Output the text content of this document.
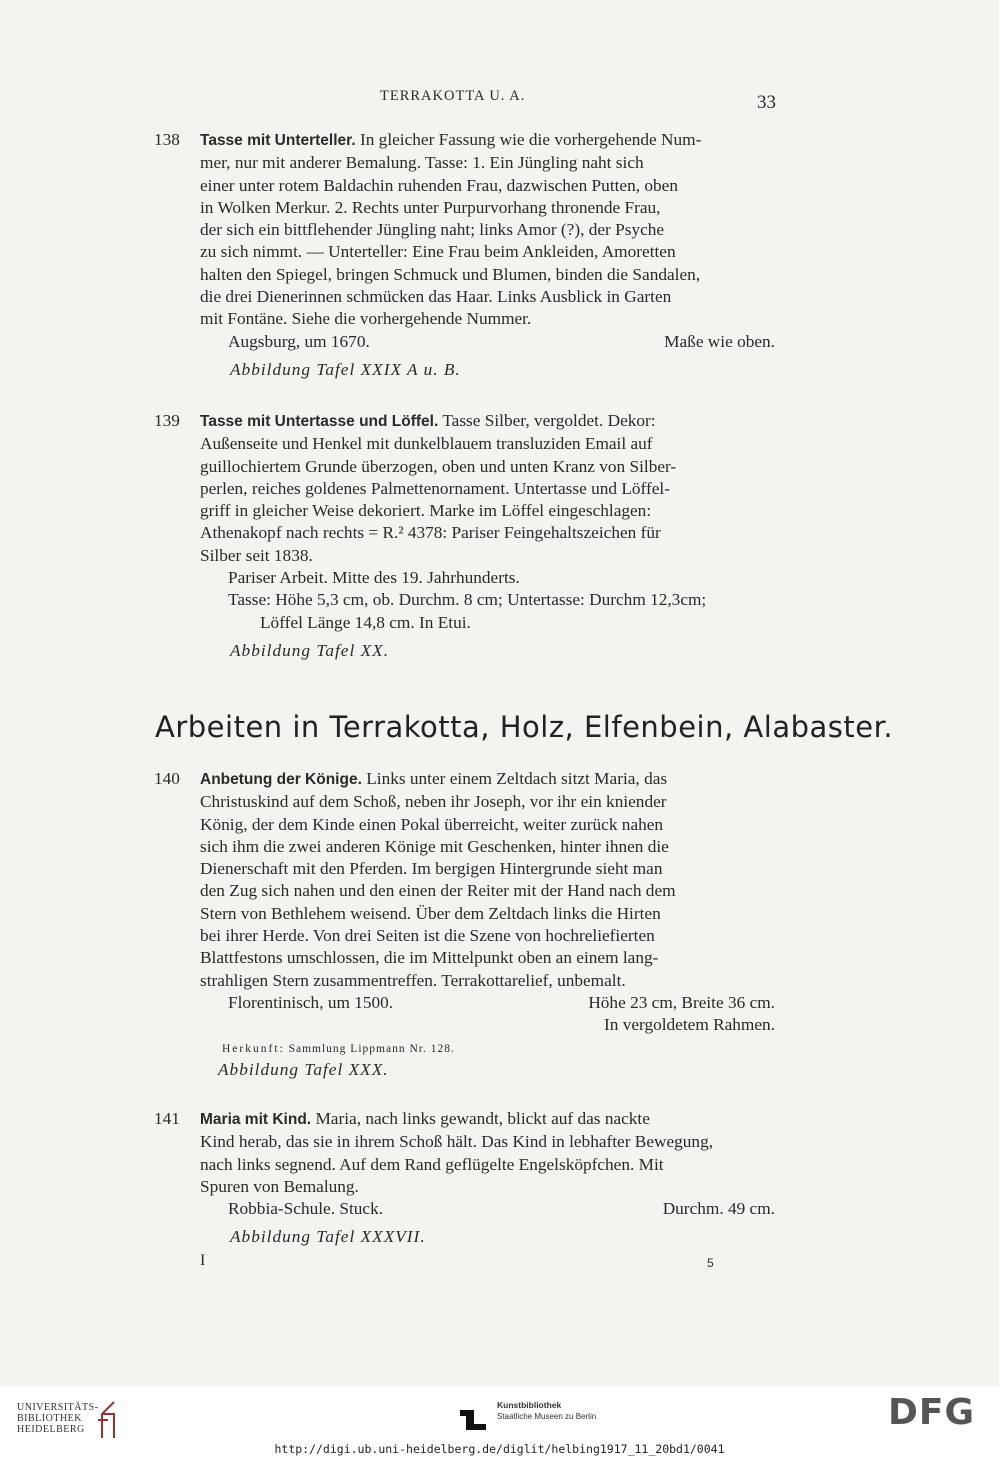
TERRAKOTTA U. A.	33
138 Tasse mit Unterteller. In gleicher Fassung wie die vorhergehende Num-
mer, nur mit anderer Bemalung. Tasse: 1. Ein Jüngling naht sich
einer unter rotem Baldachin ruhenden Frau, dazwischen Putten, oben
in Wolken Merkur. 2. Rechts unter Purpurvorhang thronende Frau,
der sich ein bittflehender Jüngling naht; links Amor (?), der Psyche
zu sich nimmt. — Unterteller: Eine Frau beim Ankleiden, Amoretten
halten den Spiegel, bringen Schmuck und Blumen, binden die Sandalen,
die drei Dienerinnen schmücken das Haar. Links Ausblick in Garten
mit Fontäne. Siehe die vorhergehende Nummer.
Augsburg, um 1670.	Maße wie oben.
Abbildung Tafel XXIX A u. B.
139 Tasse mit Untertasse und Löffel. Tasse Silber, vergoldet. Dekor:
Außenseite und Henkel mit dunkelblauem transluziden Email auf
guillochiertem Grunde überzogen, oben und unten Kranz von Silber-
perlen, reiches goldenes Palmettenornament. Untertasse und Löffel-
griff in gleicher Weise dekoriert. Marke im Löffel eingeschlagen:
Athenakopf nach rechts = R.² 4378: Pariser Feingehaltszeichen für
Silber seit 1838.
Pariser Arbeit. Mitte des 19. Jahrhunderts.
Tasse: Höhe 5,3 cm, ob. Durchm. 8 cm; Untertasse: Durchm 12,3cm;
Löffel Länge 14,8 cm. In Etui.
Abbildung Tafel XX.
Arbeiten in Terrakotta, Holz, Elfenbein, Alabaster.
140 Anbetung der Könige. Links unter einem Zeltdach sitzt Maria, das
Christuskind auf dem Schoß, neben ihr Joseph, vor ihr ein kniender
König, der dem Kinde einen Pokal überreicht, weiter zurück nahen
sich ihm die zwei anderen Könige mit Geschenken, hinter ihnen die
Dienerschaft mit den Pferden. Im bergigen Hintergrunde sieht man
den Zug sich nahen und den einen der Reiter mit der Hand nach dem
Stern von Bethlehem weisend. Über dem Zeltdach links die Hirten
bei ihrer Herde. Von drei Seiten ist die Szene von hochreliefierten
Blattfestons umschlossen, die im Mittelpunkt oben an einem lang-
strahligen Stern zusammentreffen. Terrakottarelief, unbemalt.
Florentinisch, um 1500.	Höhe 23 cm, Breite 36 cm.
In vergoldetem Rahmen.
Herkunft: Sammlung Lippmann Nr. 128.
Abbildung Tafel XXX.
141 Maria mit Kind. Maria, nach links gewandt, blickt auf das nackte
Kind herab, das sie in ihrem Schoß hält. Das Kind in lebhafter Bewegung,
nach links segnend. Auf dem Rand geflügelte Engelsköpfchen. Mit
Spuren von Bemalung.
Robbia-Schule. Stuck.	Durchm. 49 cm.
Abbildung Tafel XXXVII.
I	5
UNIVERSITÄTS-
BIBLIOTHEK
HEIDELBERG
Kunstbibliothek
Staatliche Museen zu Berlin	DFG
http://digi.ub.uni-heidelberg.de/diglit/helbing1917_11_20bd1/0041
